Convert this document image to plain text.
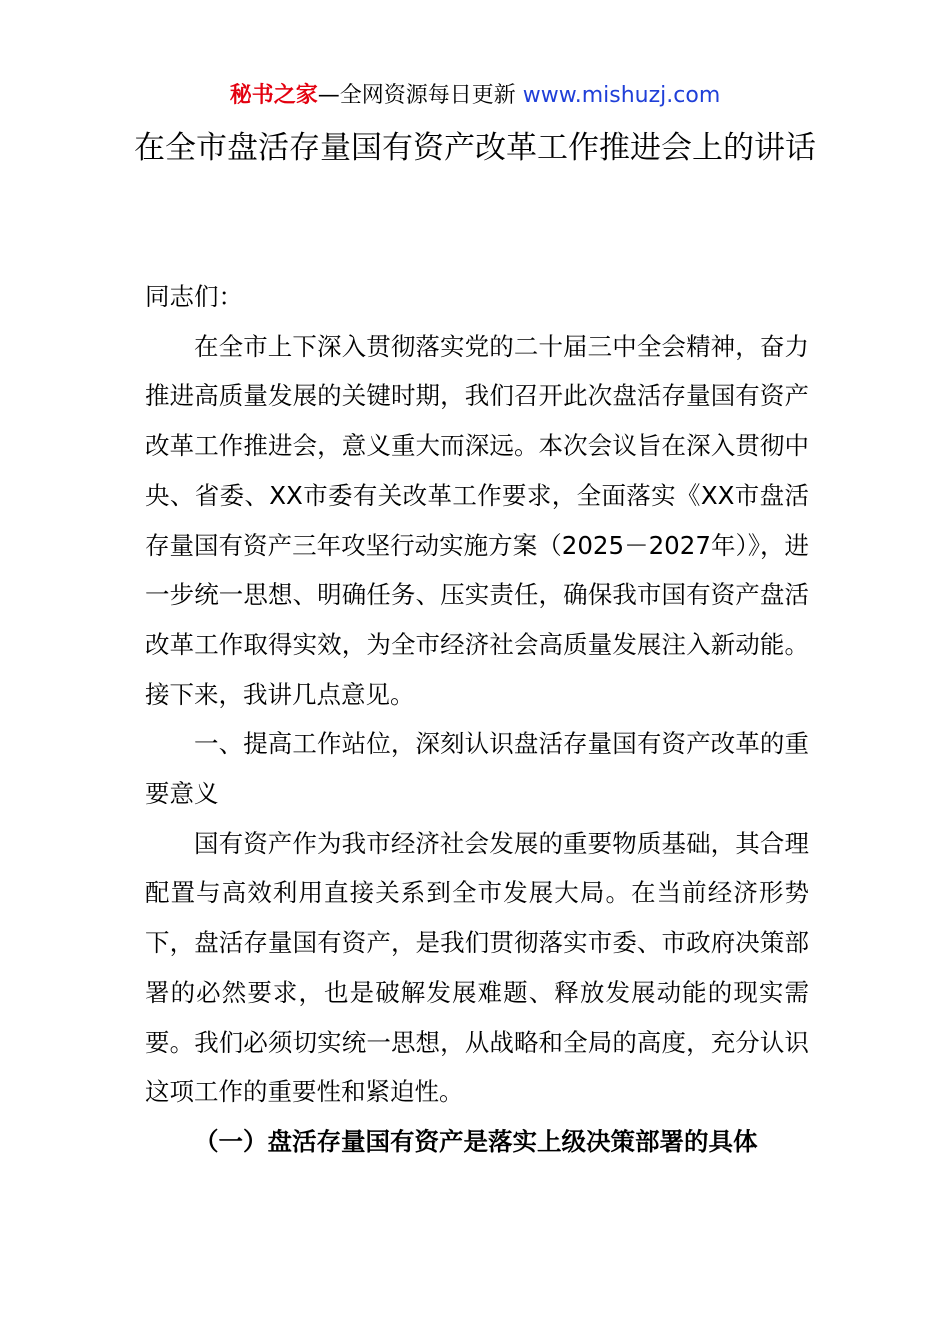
秘书之家—全网资源每日更新 www.mishuzj.com
在全市盘活存量国有资产改革工作推进会上的讲话

同志们：

在全市上下深入贯彻落实党的二十届三中全会精神，奋力推进高质量发展的关键时期，我们召开此次盘活存量国有资产改革工作推进会，意义重大而深远。本次会议旨在深入贯彻中央、省委、XX市委有关改革工作要求，全面落实《XX市盘活存量国有资产三年攻坚行动实施方案（2025－2027年）》，进一步统一思想、明确任务、压实责任，确保我市国有资产盘活改革工作取得实效，为全市经济社会高质量发展注入新动能。接下来，我讲几点意见。

一、提高工作站位，深刻认识盘活存量国有资产改革的重要意义

国有资产作为我市经济社会发展的重要物质基础，其合理配置与高效利用直接关系到全市发展大局。在当前经济形势下，盘活存量国有资产，是我们贯彻落实市委、市政府决策部署的必然要求，也是破解发展难题、释放发展动能的现实需要。我们必须切实统一思想，从战略和全局的高度，充分认识这项工作的重要性和紧迫性。

（一）盘活存量国有资产是落实上级决策部署的具体
